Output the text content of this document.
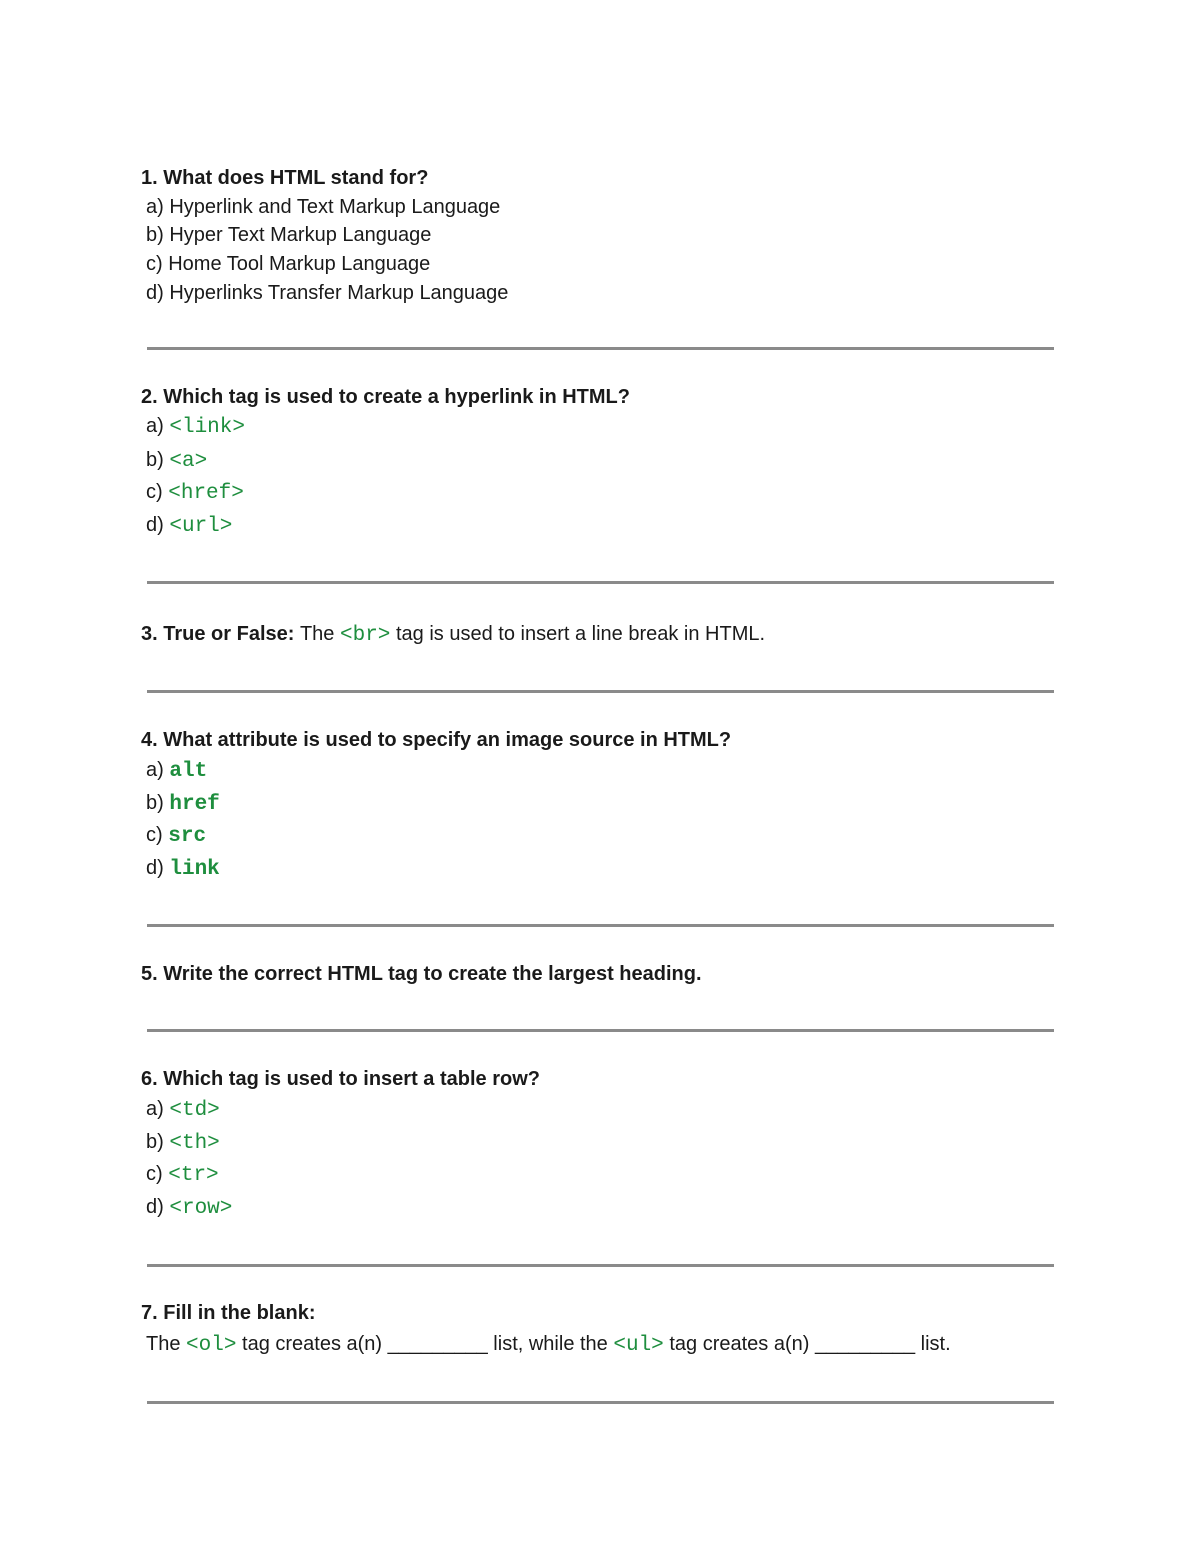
1. What does HTML stand for?

a) Hyperlink and Text Markup Language
b) Hyper Text Markup Language
c) Home Tool Markup Language
d) Hyperlinks Transfer Markup Language

2. Which tag is used to create a hyperlink in HTML?

a) <link>
b) <a>
c) <href>
d) <url>

3. True or False: The <br> tag is used to insert a line break in HTML.

4. What attribute is used to specify an image source in HTML?

a) alt
b) href
c) src
d) link

5. Write the correct HTML tag to create the largest heading.

6. Which tag is used to insert a table row?

a) <td>
b) <th>
c) <tr>
d) <row>

7. Fill in the blank:

The <ol> tag creates a(n) _________ list, while the <ul> tag creates a(n) _________ list.
